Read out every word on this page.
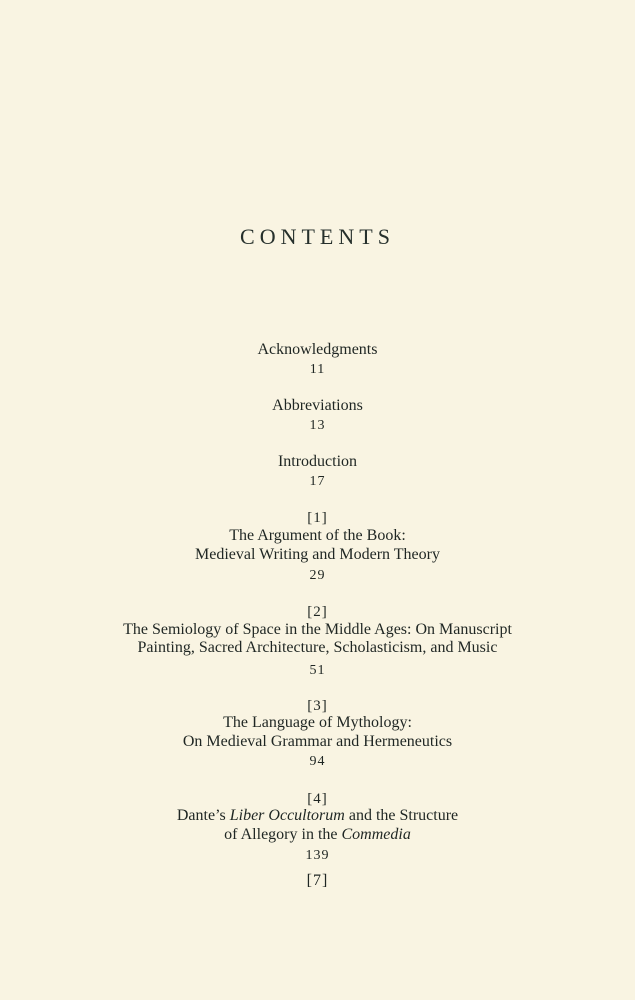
CONTENTS
Acknowledgments
11
Abbreviations
13
Introduction
17
[1]
The Argument of the Book:
Medieval Writing and Modern Theory
29
[2]
The Semiology of Space in the Middle Ages: On Manuscript
Painting, Sacred Architecture, Scholasticism, and Music
51
[3]
The Language of Mythology:
On Medieval Grammar and Hermeneutics
94
[4]
Dante’s Liber Occultorum and the Structure
of Allegory in the Commedia
139
[7]
